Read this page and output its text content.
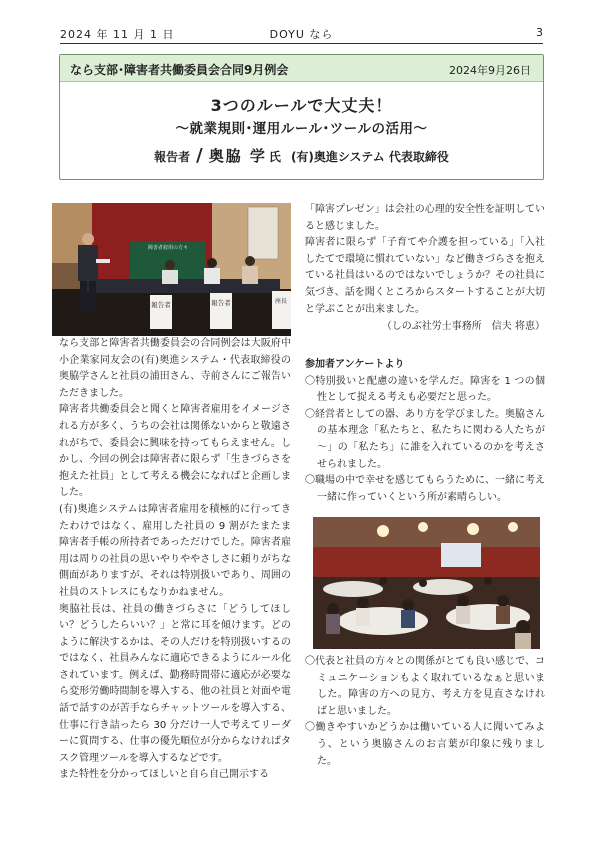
2024 年 11 月 1 日	DOYU なら	3
なら支部･障害者共働委員会合同9月例会	2024年9月26日
3つのルールで大丈夫！
～就業規則･運用ルール･ツールの活用～
報告者 / 奥脇 学 氏 (有)奥進システム 代表取締役
障害者雇用の方々
報告者	報告者	座長

なら支部と障害者共働委員会の合同例会は大阪府中小企業家同友会の(有)奥進システム・代表取締役の奥脇学さんと社員の浦田さん、寺前さんにご報告いただきました。

障害者共働委員会と聞くと障害者雇用をイメージされる方が多く、うちの会社は関係ないからと敬遠されがちで、委員会に興味を持ってもらえません。しかし、今回の例会は障害者に限らず「生きづらさを抱えた社員」として考える機会になればと企画しました。

(有)奥進システムは障害者雇用を積極的に行ってきたわけではなく、雇用した社員の 9 割がたまたま障害者手帳の所持者であっただけでした。障害者雇用は周りの社員の思いやりややさしさに頼りがちな側面がありますが、それは特別扱いであり、周囲の社員のストレスにもなりかねません。

奥脇社長は、社員の働きづらさに「どうしてほしい？どうしたらいい？」と常に耳を傾けます。どのように解決するかは、その人だけを特別扱いするのではなく、社員みんなに適応できるようにルール化されています。例えば、勤務時間帯に適応が必要なら変形労働時間制を導入する、他の社員と対面や電話で話すのが苦手ならチャットツールを導入する、仕事に行き詰ったら 30 分だけ一人で考えてリーダーに質問する、仕事の優先順位が分からなければタスク管理ツールを導入するなどです。

また特性を分かってほしいと自ら自己開示する

「障害プレゼン」は会社の心理的安全性を証明していると感じました。

障害者に限らず「子育てや介護を担っている」「入社したてで環境に慣れていない」など働きづらさを抱えている社員はいるのではないでしょうか？その社員に気づき、話を聞くところからスタートすることが大切と学ぶことが出来ました。

（しのぶ社労士事務所　信夫 将恵）

参加者アンケートより

〇特別扱いと配慮の違いを学んだ。障害を 1 つの個性として捉える考えも必要だと思った。

〇経営者としての器、あり方を学びました。奥脇さんの基本理念「私たちと、私たちに関わる人たちが～」の「私たち」に誰を入れているのかを考えさせられました。

〇職場の中で幸せを感じてもらうために、一緒に考え一緒に作っていくという所が素晴らしい。

〇代表と社員の方々との関係がとても良い感じで、コミュニケーションもよく取れているなぁと思いました。障害の方への見方、考え方を見直さなければと思いました。

〇働きやすいかどうかは働いている人に聞いてみよう、という奥脇さんのお言葉が印象に残りました。
